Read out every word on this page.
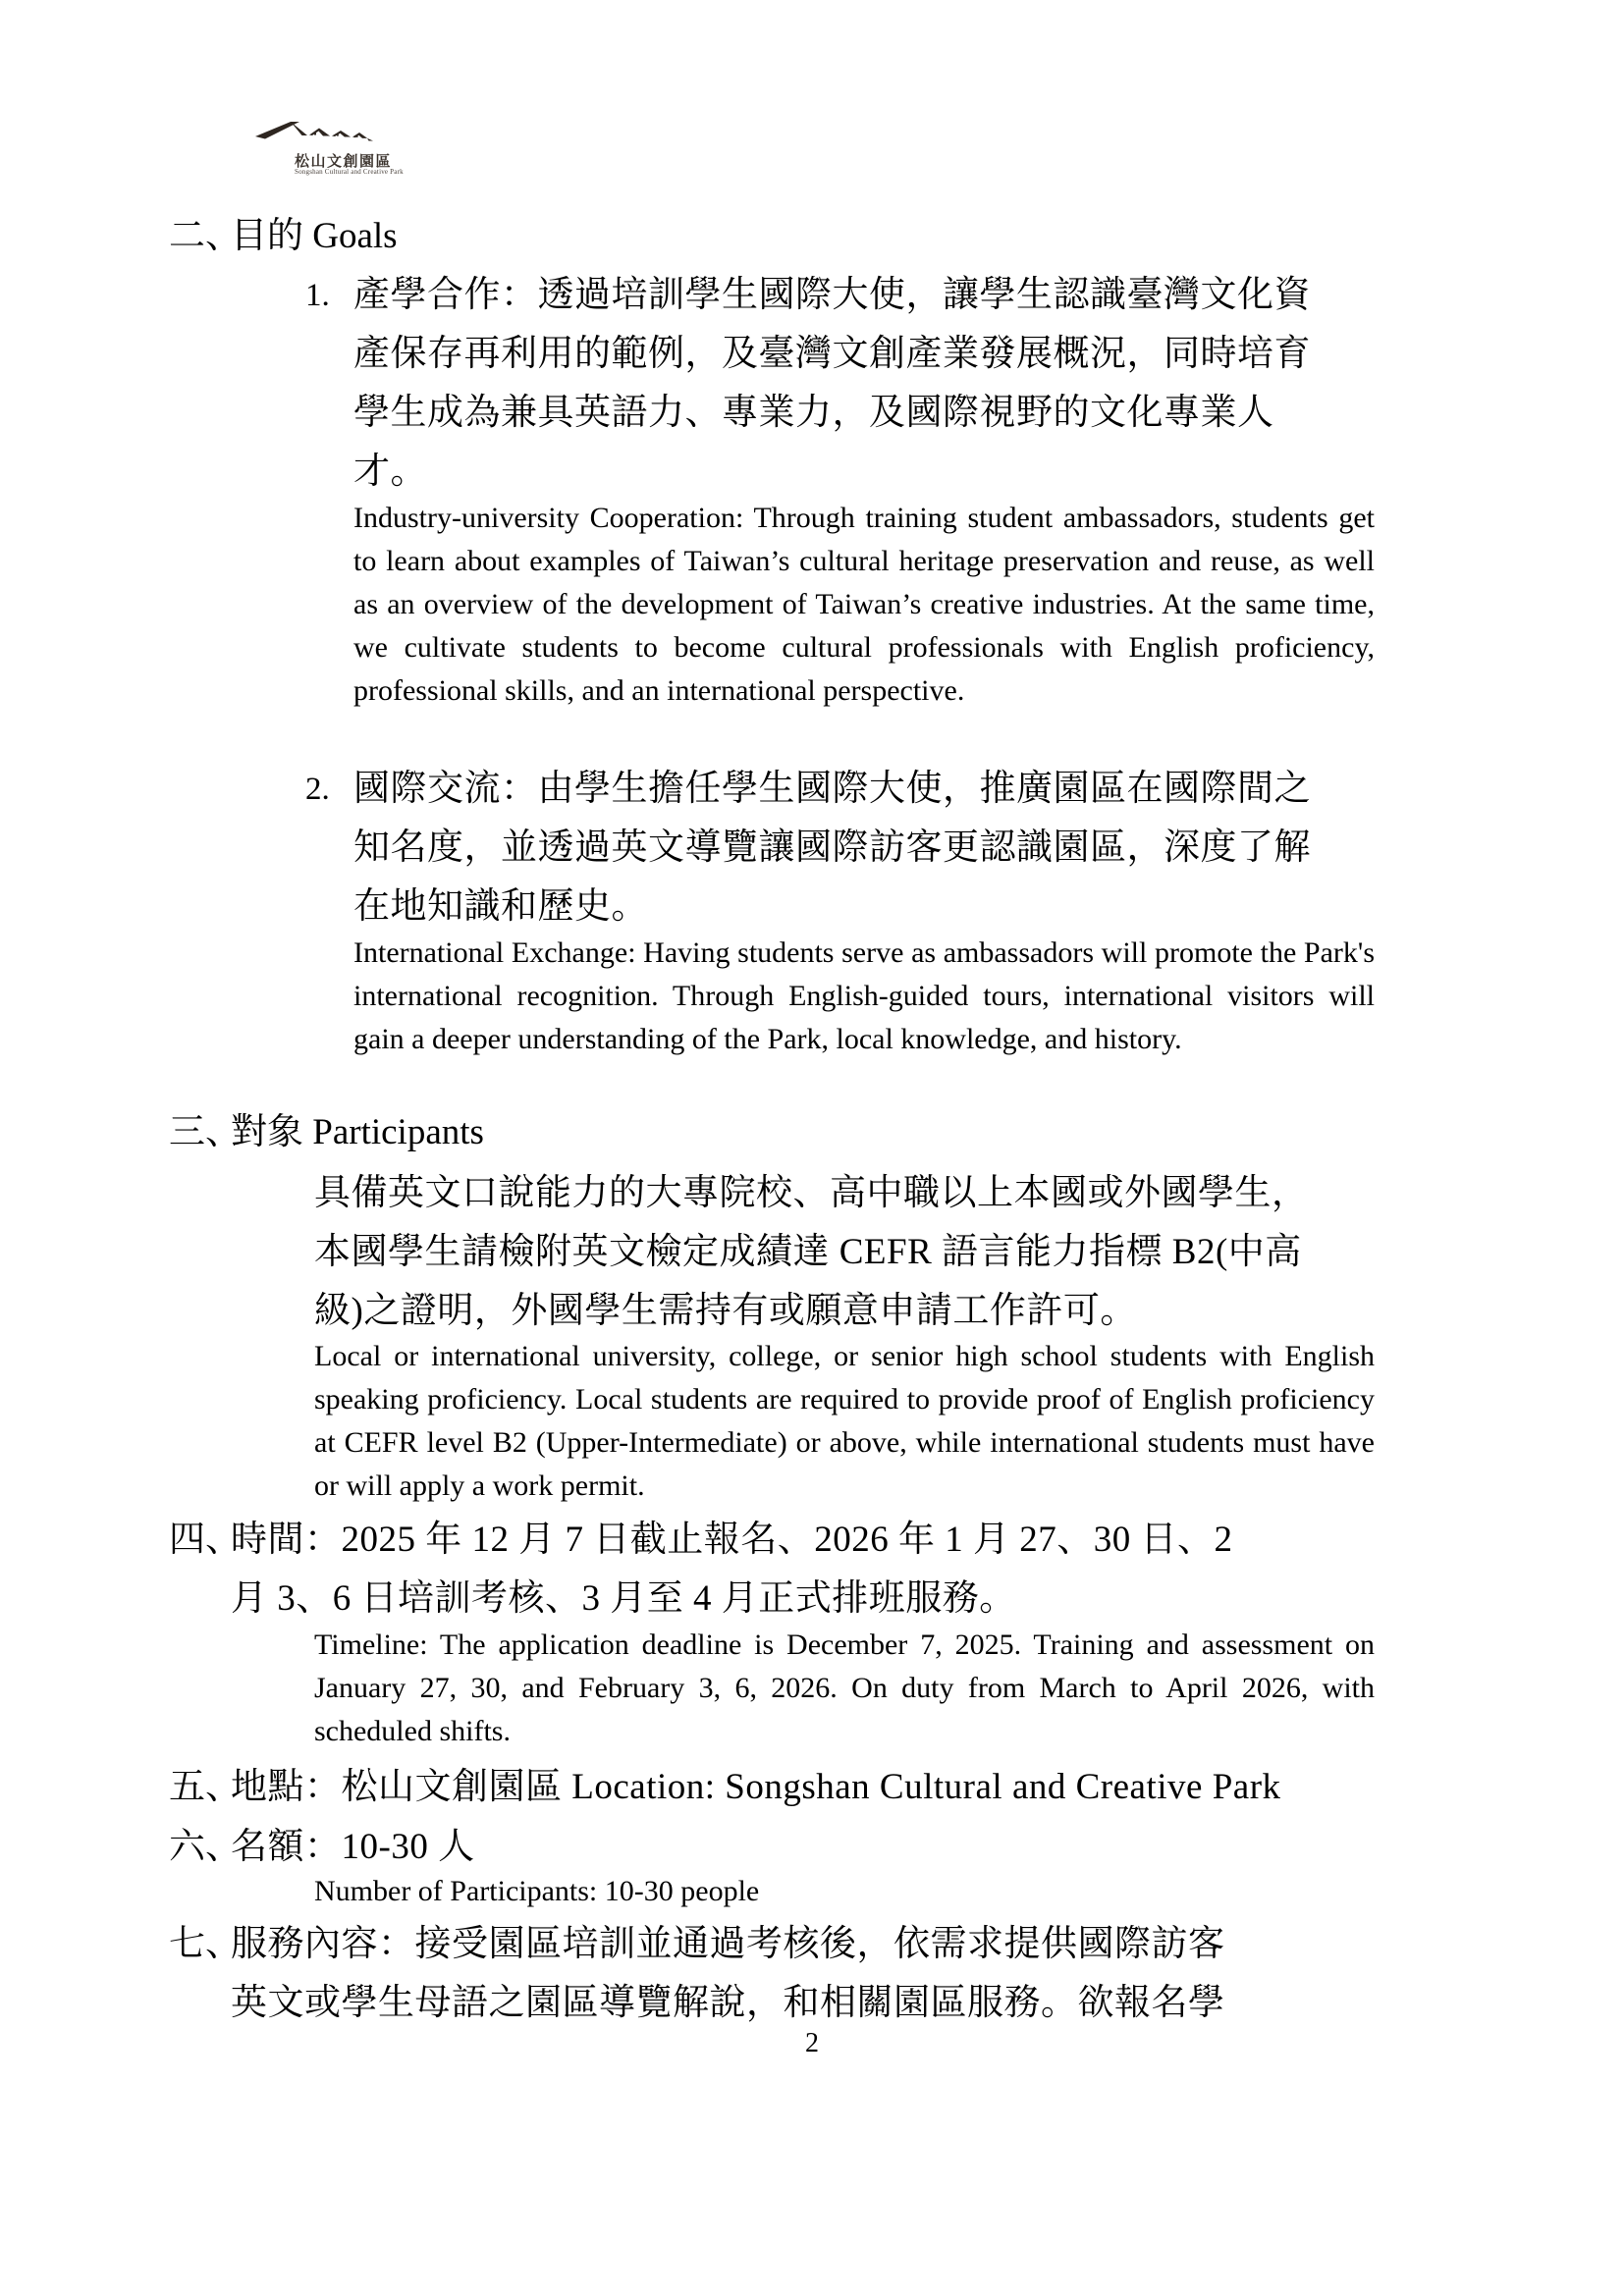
松山文創園區
Songshan Cultural and Creative Park
二、
目的 Goals
1. 產學合作：透過培訓學生國際大使，讓學生認識臺灣文化資
產保存再利用的範例，及臺灣文創產業發展概況，同時培育
學生成為兼具英語力、專業力，及國際視野的文化專業人
才。
Industry-university Cooperation: Through training student ambassadors, students get to learn about examples of Taiwan’s cultural heritage preservation and reuse, as well as an overview of the development of Taiwan’s creative industries. At the same time, we cultivate students to become cultural professionals with English proficiency, professional skills, and an international perspective.
2. 國際交流：由學生擔任學生國際大使，推廣園區在國際間之
知名度，並透過英文導覽讓國際訪客更認識園區，深度了解
在地知識和歷史。
International Exchange: Having students serve as ambassadors will promote the Park's international recognition. Through English-guided tours, international visitors will gain a deeper understanding of the Park, local knowledge, and history.
三、
對象 Participants
具備英文口說能力的大專院校、高中職以上本國或外國學生，
本國學生請檢附英文檢定成績達 CEFR 語言能力指標 B2(中高
級)之證明，外國學生需持有或願意申請工作許可。
Local or international university, college, or senior high school students with English speaking proficiency. Local students are required to provide proof of English proficiency at CEFR level B2 (Upper-Intermediate) or above, while international students must have or will apply a work permit.
四、
時間：2025 年 12 月 7 日截止報名、2026 年 1 月 27、30 日、2
月 3、6 日培訓考核、3 月至 4 月正式排班服務。
Timeline: The application deadline is December 7, 2025. Training and assessment on January 27, 30, and February 3, 6, 2026. On duty from March to April 2026, with scheduled shifts.
五、
地點：松山文創園區 Location: Songshan Cultural and Creative Park
六、
名額：10-30 人
Number of Participants: 10-30 people
七、
服務內容：接受園區培訓並通過考核後，依需求提供國際訪客
英文或學生母語之園區導覽解說，和相關園區服務。欲報名學
2
